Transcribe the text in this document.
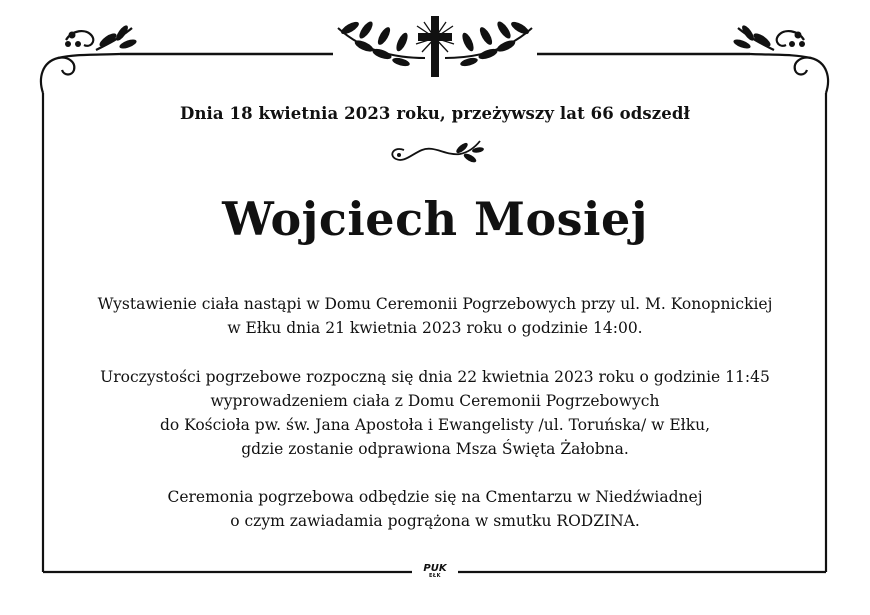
Dnia 18 kwietnia 2023 roku, przeżywszy lat 66 odszedł
Wojciech Mosiej
Wystawienie ciała nastąpi w Domu Ceremonii Pogrzebowych przy ul. M. Konopnickiej
w Ełku dnia 21 kwietnia 2023 roku o godzinie 14:00.
Uroczystości pogrzebowe rozpoczną się dnia 22 kwietnia 2023 roku o godzinie 11:45
wyprowadzeniem ciała z Domu Ceremonii Pogrzebowych
do Kościoła pw. św. Jana Apostoła i Ewangelisty /ul. Toruńska/ w Ełku,
gdzie zostanie odprawiona Msza Święta Żałobna.
Ceremonia pogrzebowa odbędzie się na Cmentarzu w Niedźwiadnej
o czym zawiadamia pogrążona w smutku RODZINA.
PUK
EŁK
